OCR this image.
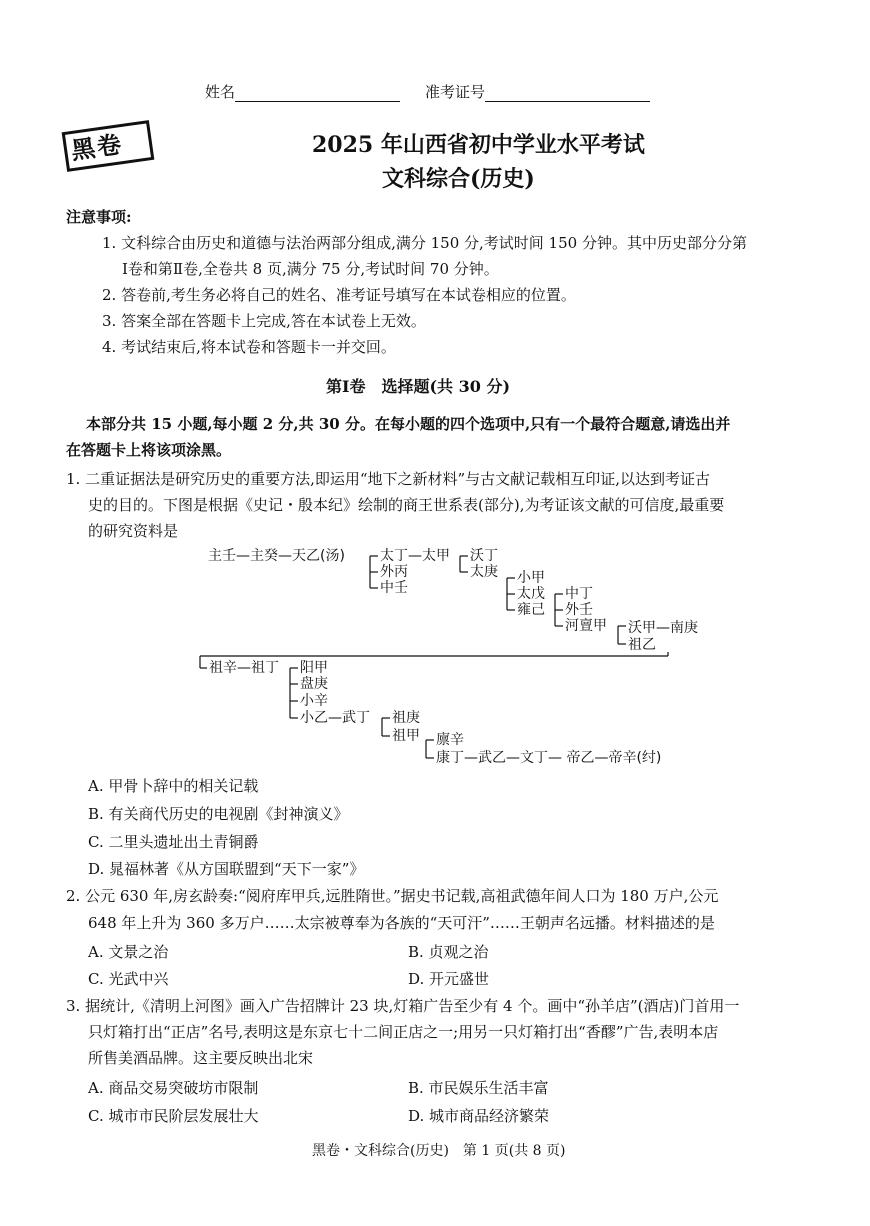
姓名	准考证号
黑卷	2025 年山西省初中学业水平考试
文科综合(历史)
注意事项:
1. 文科综合由历史和道德与法治两部分组成,满分 150 分,考试时间 150 分钟。其中历史部分分第
Ⅰ卷和第Ⅱ卷,全卷共 8 页,满分 75 分,考试时间 70 分钟。
2. 答卷前,考生务必将自己的姓名、准考证号填写在本试卷相应的位置。
3. 答案全部在答题卡上完成,答在本试卷上无效。
4. 考试结束后,将本试卷和答题卡一并交回。
第Ⅰ卷　选择题(共 30 分)
本部分共 15 小题,每小题 2 分,共 30 分。在每小题的四个选项中,只有一个最符合题意,请选出并
在答题卡上将该项涂黑。
1. 二重证据法是研究历史的重要方法,即运用“地下之新材料”与古文献记载相互印证,以达到考证古
史的目的。下图是根据《史记・殷本纪》绘制的商王世系表(部分),为考证该文献的可信度,最重要
的研究资料是
主壬—主癸—天乙(汤)	太丁—太甲
外丙
中壬
沃丁
太庚 小甲
太戊
雍己
中丁
外壬
河亶甲 沃甲—南庚
祖乙
祖辛—祖丁 阳甲
盘庚
小辛
小乙—武丁 祖庚
祖甲 廪辛
康丁—武乙—文丁— 帝乙—帝辛(纣)
A. 甲骨卜辞中的相关记载
B. 有关商代历史的电视剧《封神演义》
C. 二里头遗址出土青铜爵
D. 晁福林著《从方国联盟到“天下一家”》
2. 公元 630 年,房玄龄奏:“阅府库甲兵,远胜隋世。”据史书记载,高祖武德年间人口为 180 万户,公元
648 年上升为 360 多万户……太宗被尊奉为各族的“天可汗”……王朝声名远播。材料描述的是
A. 文景之治	B. 贞观之治
C. 光武中兴	D. 开元盛世
3. 据统计,《清明上河图》画入广告招牌计 23 块,灯箱广告至少有 4 个。画中“孙羊店”(酒店)门首用一
只灯箱打出“正店”名号,表明这是东京七十二间正店之一;用另一只灯箱打出“香醪”广告,表明本店
所售美酒品牌。这主要反映出北宋
A. 商品交易突破坊市限制	B. 市民娱乐生活丰富
C. 城市市民阶层发展壮大	D. 城市商品经济繁荣
黑卷・文科综合(历史)　第 1 页(共 8 页)
